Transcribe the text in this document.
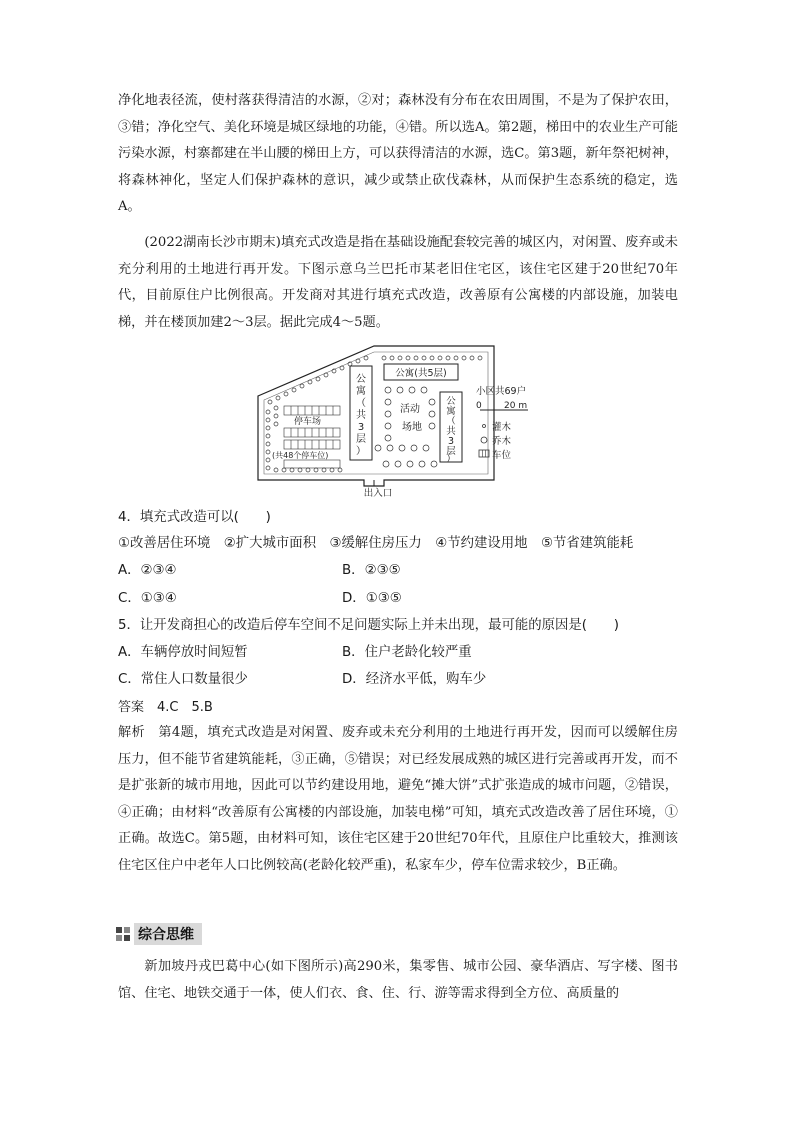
净化地表径流，使村落获得清洁的水源，②对；森林没有分布在农田周围，不是为了保护农田，③错；净化空气、美化环境是城区绿地的功能，④错。所以选A。第2题，梯田中的农业生产可能污染水源，村寨都建在半山腰的梯田上方，可以获得清洁的水源，选C。第3题，新年祭祀树神，将森林神化，坚定人们保护森林的意识，减少或禁止砍伐森林，从而保护生态系统的稳定，选A。

(2022湖南长沙市期末)填充式改造是指在基础设施配套较完善的城区内，对闲置、废弃或未充分利用的土地进行再开发。下图示意乌兰巴托市某老旧住宅区，该住宅区建于20世纪70年代，目前原住户比例很高。开发商对其进行填充式改造，改善原有公寓楼的内部设施，加装电梯，并在楼顶加建2～3层。据此完成4～5题。

停车场
(共48个停车位)
公
寓
（
共
3
层
）
公寓(共5层)
公
寓
（
共
3
层
）
活动
场地
出入口
小区共69户
0 20 m
灌木
乔木
车位

4．填充式改造可以(　　)

①改善居住环境　②扩大城市面积　③缓解住房压力　④节约建设用地　⑤节省建筑能耗

A．②③④	B．②③⑤

C．①③④	D．①③⑤

5．让开发商担心的改造后停车空间不足问题实际上并未出现，最可能的原因是(　　)

A．车辆停放时间短暂	B．住户老龄化较严重

C．常住人口数量很少	D．经济水平低，购车少

答案　4.C　5.B

解析　第4题，填充式改造是对闲置、废弃或未充分利用的土地进行再开发，因而可以缓解住房压力，但不能节省建筑能耗，③正确，⑤错误；对已经发展成熟的城区进行完善或再开发，而不是扩张新的城市用地，因此可以节约建设用地，避免“摊大饼”式扩张造成的城市问题，②错误，④正确；由材料“改善原有公寓楼的内部设施，加装电梯”可知，填充式改造改善了居住环境，①正确。故选C。第5题，由材料可知，该住宅区建于20世纪70年代，且原住户比重较大，推测该住宅区住户中老年人口比例较高(老龄化较严重)，私家车少，停车位需求较少，B正确。

综合思维

新加坡丹戎巴葛中心(如下图所示)高290米，集零售、城市公园、豪华酒店、写字楼、图书馆、住宅、地铁交通于一体，使人们衣、食、住、行、游等需求得到全方位、高质量的
